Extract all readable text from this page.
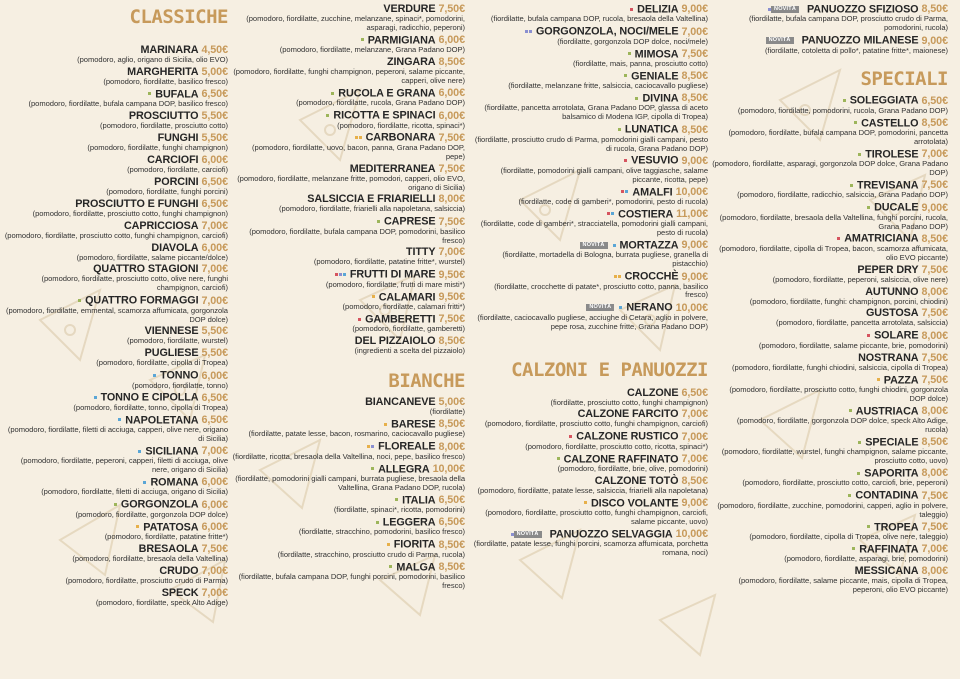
CLASSICHE
MARINARA 4,50€
(pomodoro, aglio, origano di Sicilia, olio EVO)
MARGHERITA 5,00€
(pomodoro, fiordilatte, basilico fresco)
BUFALA 6,50€
(pomodoro, fiordilatte, bufala campana DOP, basilico fresco)
PROSCIUTTO 5,50€
(pomodoro, fiordilatte, prosciutto cotto)
FUNGHI 5,50€
(pomodoro, fiordilatte, funghi champignon)
CARCIOFI 6,00€
(pomodoro, fiordilatte, carciofi)
PORCINI 6,50€
(pomodoro, fiordilatte, funghi porcini)
PROSCIUTTO E FUNGHI 6,50€
(pomodoro, fiordilatte, prosciutto cotto, funghi champignon)
CAPRICCIOSA 7,00€
(pomodoro, fiordilatte, prosciutto cotto, funghi champignon, carciofi)
DIAVOLA 6,00€
(pomodoro, fiordilatte, salame piccante/dolce)
QUATTRO STAGIONI 7,00€
(pomodoro, fiordilatte, prosciutto cotto, olive nere, funghi champignon, carciofi)
QUATTRO FORMAGGI 7,00€
(pomodoro, fiordilatte, emmental, scamorza affumicata, gorgonzola DOP dolce)
VIENNESE 5,50€
(pomodoro, fiordilatte, wurstel)
PUGLIESE 5,50€
(pomodoro, fiordilatte, cipolla di Tropea)
TONNO 6,00€
(pomodoro, fiordilatte, tonno)
TONNO E CIPOLLA 6,50€
(pomodoro, fiordilatte, tonno, cipolla di Tropea)
NAPOLETANA 6,50€
(pomodoro, fiordilatte, filetti di acciuga, capperi, olive nere, origano di Sicilia)
SICILIANA 7,00€
(pomodoro, fiordilatte, peperoni, capperi, filetti di acciuga, olive nere, origano di Sicilia)
ROMANA 6,00€
(pomodoro, fiordilatte, filetti di acciuga, origano di Sicilia)
GORGONZOLA 6,00€
(pomodoro, fiordilatte, gorgonzola DOP dolce)
PATATOSA 6,00€
(pomodoro, fiordilatte, patatine fritte*)
BRESAOLA 7,50€
(pomodoro, fiordilatte, bresaola della Valtellina)
CRUDO 7,00€
(pomodoro, fiordilatte, prosciutto crudo di Parma)
SPECK 7,00€
(pomodoro, fiordilatte, speck Alto Adige)
VERDURE 7,50€
(pomodoro, fiordilatte, zucchine, melanzane, spinaci*, pomodorini, asparagi, radicchio, peperoni)
PARMIGIANA 6,00€
(pomodoro, fiordilatte, melanzane, Grana Padano DOP)
ZINGARA 8,50€
(pomodoro, fiordilatte, funghi champignon, peperoni, salame piccante, capperi, olive nere)
RUCOLA E GRANA 6,00€
(pomodoro, fiordilatte, rucola, Grana Padano DOP)
RICOTTA E SPINACI 6,00€
(pomodoro, fiordilatte, ricotta, spinaci*)
CARBONARA 7,50€
(pomodoro, fiordilatte, uovo, bacon, panna, Grana Padano DOP, pepe)
MEDITERRANEA 7,50€
(pomodoro, fiordilatte, melanzane fritte, pomodori, capperi, olio EVO, origano di Sicilia)
SALSICCIA E FRIARIELLI 8,00€
(pomodoro, fiordilatte, friarielli alla napoletana, salsiccia)
CAPRESE 7,50€
(pomodoro, fiordilatte, bufala campana DOP, pomodorini, basilico fresco)
TITTY 7,00€
(pomodoro, fiordilatte, patatine fritte*, wurstel)
FRUTTI DI MARE 9,50€
(pomodoro, fiordilatte, frutti di mare misti*)
CALAMARI 9,50€
(pomodoro, fiordilatte, calamari fritti*)
GAMBERETTI 7,50€
(pomodoro, fiordilatte, gamberetti)
DEL PIZZAIOLO 8,50€
(ingredienti a scelta del pizzaiolo)
BIANCHE
BIANCANEVE 5,00€
(fiordilatte)
BARESE 8,50€
(fiordilatte, patate lesse, bacon, rosmarino, caciocavallo pugliese)
FLOREALE 8,00€
(fiordilatte, ricotta, bresaola della Valtellina, noci, pepe, basilico fresco)
ALLEGRA 10,00€
(fiordilatte, pomodorini gialli campani, burrata pugliese, bresaola della Valtellina, Grana Padano DOP, rucola)
ITALIA 6,50€
(fiordilatte, spinaci*, ricotta, pomodorini)
LEGGERA 6,50€
(fiordilatte, stracchino, pomodorini, basilico fresco)
FIORITA 8,50€
(fiordilatte, stracchino, prosciutto crudo di Parma, rucola)
MALGA 8,50€
(fiordilatte, bufala campana DOP, funghi porcini, pomodorini, basilico fresco)
DELIZIA 9,00€
(fiordilatte, bufala campana DOP, rucola, bresaola della Valtellina)
GORGONZOLA, NOCI/MELE 7,00€
(fiordilatte, gorgonzola DOP dolce, noci/mele)
MIMOSA 7,50€
(fiordilatte, mais, panna, prosciutto cotto)
GENIALE 8,50€
(fiordilatte, melanzane fritte, salsiccia, caciocavallo pugliese)
DIVINA 8,50€
(fiordilatte, pancetta arrotolata, Grana Padano DOP, glassa di aceto balsamico di Modena IGP, cipolla di Tropea)
LUNATICA 8,50€
(fiordilatte, prosciutto crudo di Parma, pomodorini gialli campani, pesto di rucola, Grana Padano DOP)
VESUVIO 9,00€
(fiordilatte, pomodorini gialli campani, olive taggiasche, salame piccante, ricotta, pepe)
AMALFI 10,00€
(fiordilatte, code di gamberi*, pomodorini, pesto di rucola)
COSTIERA 11,00€
(fiordilatte, code di gamberi*, stracciatella, pomodorini gialli campani, pesto di rucola)
NOVITÀ MORTAZZA 9,00€
(fiordilatte, mortadella di Bologna, burrata pugliese, granella di pistacchio)
CROCCHÈ 9,00€
(fiordilatte, crocchette di patate*, prosciutto cotto, panna, basilico fresco)
NOVITÀ NERANO 10,00€
(fiordilatte, caciocavallo pugliese, acciughe di Cetara, aglio in polvere, pepe rosa, zucchine fritte, Grana Padano DOP)
CALZONI E PANUOZZI
CALZONE 6,50€
(fiordilatte, prosciutto cotto, funghi champignon)
CALZONE FARCITO 7,00€
(pomodoro, fiordilatte, prosciutto cotto, funghi champignon, carciofi)
CALZONE RUSTICO 7,00€
(pomodoro, fiordilatte, prosciutto cotto, ricotta, spinaci*)
CALZONE RAFFINATO 7,00€
(pomodoro, fiordilatte, brie, olive, pomodorini)
CALZONE TOTÒ 8,50€
(pomodoro, fiordilatte, patate lesse, salsiccia, friarielli alla napoletana)
DISCO VOLANTE 9,00€
(pomodoro, fiordilatte, prosciutto cotto, funghi champignon, carciofi, salame piccante, uovo)
NOVITÀ PANUOZZO SELVAGGIA 10,00€
(fiordilatte, patate lesse, funghi porcini, scamorza affumicata, porchetta romana, noci)
NOVITÀ PANUOZZO SFIZIOSO 8,50€
(fiordilatte, bufala campana DOP, prosciutto crudo di Parma, pomodorini, rucola)
NOVITÀ PANUOZZO MILANESE 9,00€
(fiordilatte, cotoletta di pollo*, patatine fritte*, maionese)
SPECIALI
SOLEGGIATA 6,50€
(pomodoro, fiordilatte, pomodorini, rucola, Grana Padano DOP)
CASTELLO 8,50€
(pomodoro, fiordilatte, bufala campana DOP, pomodorini, pancetta arrotolata)
TIROLESE 7,00€
(pomodoro, fiordilatte, asparagi, gorgonzola DOP dolce, Grana Padano DOP)
TREVISANA 7,50€
(pomodoro, fiordilatte, radicchio, salsiccia, Grana Padano DOP)
DUCALE 9,00€
(pomodoro, fiordilatte, bresaola della Valtellina, funghi porcini, rucola, Grana Padano DOP)
AMATRICIANA 8,50€
(pomodoro, fiordilatte, cipolla di Tropea, bacon, scamorza affumicata, olio EVO piccante)
PEPER DRY 7,50€
(pomodoro, fiordilatte, peperoni, salsiccia, olive nere)
AUTUNNO 8,00€
(pomodoro, fiordilatte, funghi: champignon, porcini, chiodini)
GUSTOSA 7,50€
(pomodoro, fiordilatte, pancetta arrotolata, salsiccia)
SOLARE 8,00€
(pomodoro, fiordilatte, salame piccante, brie, pomodorini)
NOSTRANA 7,50€
(pomodoro, fiordilatte, funghi chiodini, salsiccia, cipolla di Tropea)
PAZZA 7,50€
(pomodoro, fiordilatte, prosciutto cotto, funghi chiodini, gorgonzola DOP dolce)
AUSTRIACA 8,00€
(pomodoro, fiordilatte, gorgonzola DOP dolce, speck Alto Adige, rucola)
SPECIALE 8,50€
(pomodoro, fiordilatte, wurstel, funghi champignon, salame piccante, prosciutto cotto, uovo)
SAPORITA 8,00€
(pomodoro, fiordilatte, prosciutto cotto, carciofi, brie, peperoni)
CONTADINA 7,50€
(pomodoro, fiordilatte, zucchine, pomodorini, capperi, aglio in polvere, taleggio)
TROPEA 7,50€
(pomodoro, fiordilatte, cipolla di Tropea, olive nere, taleggio)
RAFFINATA 7,00€
(pomodoro, fiordilatte, asparagi, brie, pomodorini)
MESSICANA 8,00€
(pomodoro, fiordilatte, salame piccante, mais, cipolla di Tropea, peperoni, olio EVO piccante)
